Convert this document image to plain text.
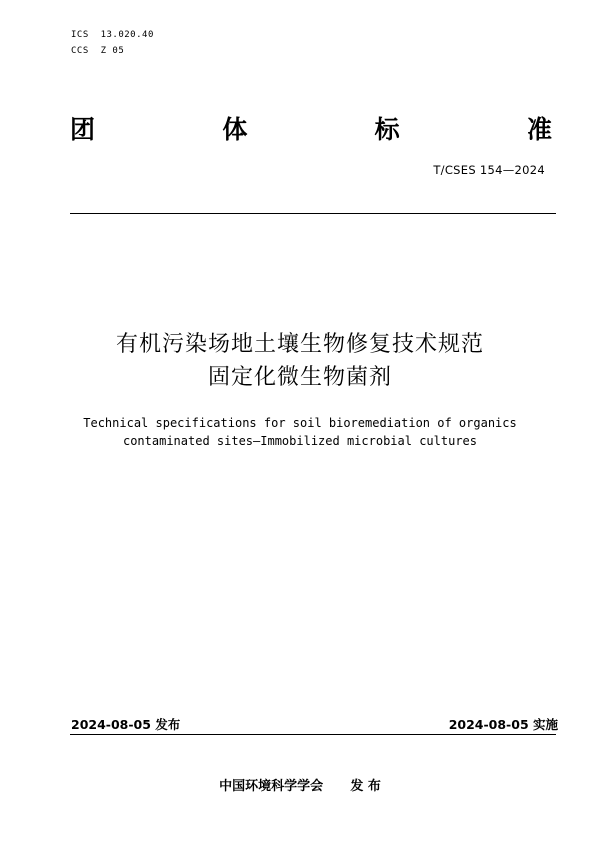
ICS  13.020.40
CCS  Z 05
团	体	标	准
T/CSES 154—2024
有机污染场地土壤生物修复技术规范
固定化微生物菌剂
Technical specifications for soil bioremediation of organics
contaminated sites—Immobilized microbial cultures
2024-08-05 发布	2024-08-05 实施
中国环境科学学会 发 布
